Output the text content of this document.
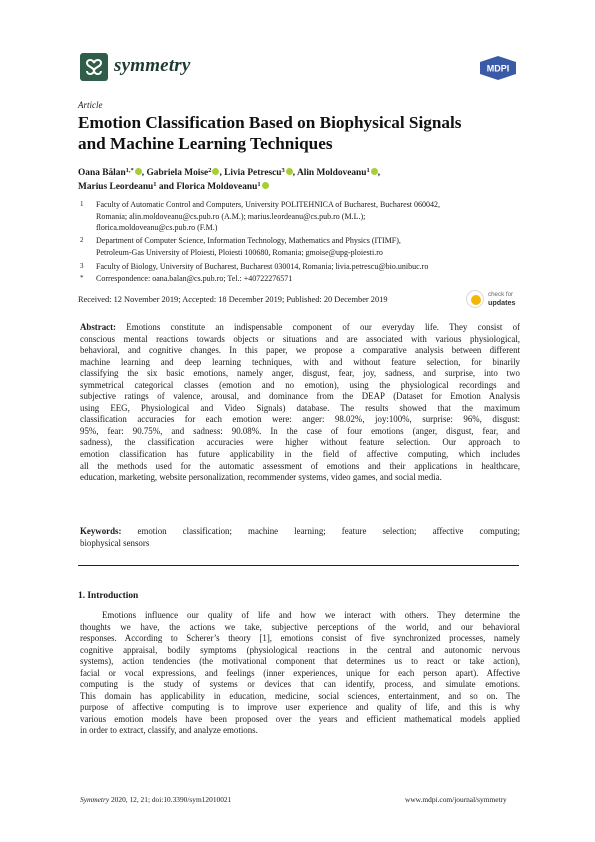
symmetry	MDPI
Article
Emotion Classification Based on Biophysical Signals
and Machine Learning Techniques
Oana Bălan$^{1,*}$ , Gabriela Moise$^2$ , Livia Petrescu$^3$ , Alin Moldoveanu$^1$ ,
Marius Leordeanu$^1$ and Florica Moldoveanu$^1$
1 Faculty of Automatic Control and Computers, University POLITEHNICA of Bucharest, Bucharest 060042,
Romania; alin.moldoveanu@cs.pub.ro (A.M.); marius.leordeanu@cs.pub.ro (M.L.);
florica.moldoveanu@cs.pub.ro (F.M.)
2 Department of Computer Science, Information Technology, Mathematics and Physics (ITIMF),
Petroleum-Gas University of Ploiesti, Ploiesti 100680, Romania; gmoise@upg-ploiesti.ro
3 Faculty of Biology, University of Bucharest, Bucharest 030014, Romania; livia.petrescu@bio.unibuc.ro
* Correspondence: oana.balan@cs.pub.ro; Tel.: +40722276571
Received: 12 November 2019; Accepted: 18 December 2019; Published: 20 December 2019
check for
updates
Abstract: Emotions constitute an indispensable component of our everyday life. They consist of
conscious mental reactions towards objects or situations and are associated with various physiological,
behavioral, and cognitive changes. In this paper, we propose a comparative analysis between different
machine learning and deep learning techniques, with and without feature selection, for binarily
classifying the six basic emotions, namely anger, disgust, fear, joy, sadness, and surprise, into two
symmetrical categorical classes (emotion and no emotion), using the physiological recordings and
subjective ratings of valence, arousal, and dominance from the DEAP (Dataset for Emotion Analysis
using EEG, Physiological and Video Signals) database. The results showed that the maximum
classification accuracies for each emotion were: anger: 98.02%, joy:100%, surprise: 96%, disgust:
95%, fear: 90.75%, and sadness: 90.08%. In the case of four emotions (anger, disgust, fear, and
sadness), the classification accuracies were higher without feature selection. Our approach to
emotion classification has future applicability in the field of affective computing, which includes
all the methods used for the automatic assessment of emotions and their applications in healthcare,
education, marketing, website personalization, recommender systems, video games, and social media.
Keywords: emotion classification; machine learning; feature selection; affective computing;
biophysical sensors
1. Introduction
Emotions influence our quality of life and how we interact with others. They determine the
thoughts we have, the actions we take, subjective perceptions of the world, and our behavioral
responses. According to Scherer’s theory [1], emotions consist of five synchronized processes, namely
cognitive appraisal, bodily symptoms (physiological reactions in the central and autonomic nervous
systems), action tendencies (the motivational component that determines us to react or take action),
facial or vocal expressions, and feelings (inner experiences, unique for each person apart). Affective
computing is the study of systems or devices that can identify, process, and simulate emotions.
This domain has applicability in education, medicine, social sciences, entertainment, and so on. The
purpose of affective computing is to improve user experience and quality of life, and this is why
various emotion models have been proposed over the years and efficient mathematical models applied
in order to extract, classify, and analyze emotions.
Symmetry 2020, 12, 21; doi:10.3390/sym12010021	www.mdpi.com/journal/symmetry
